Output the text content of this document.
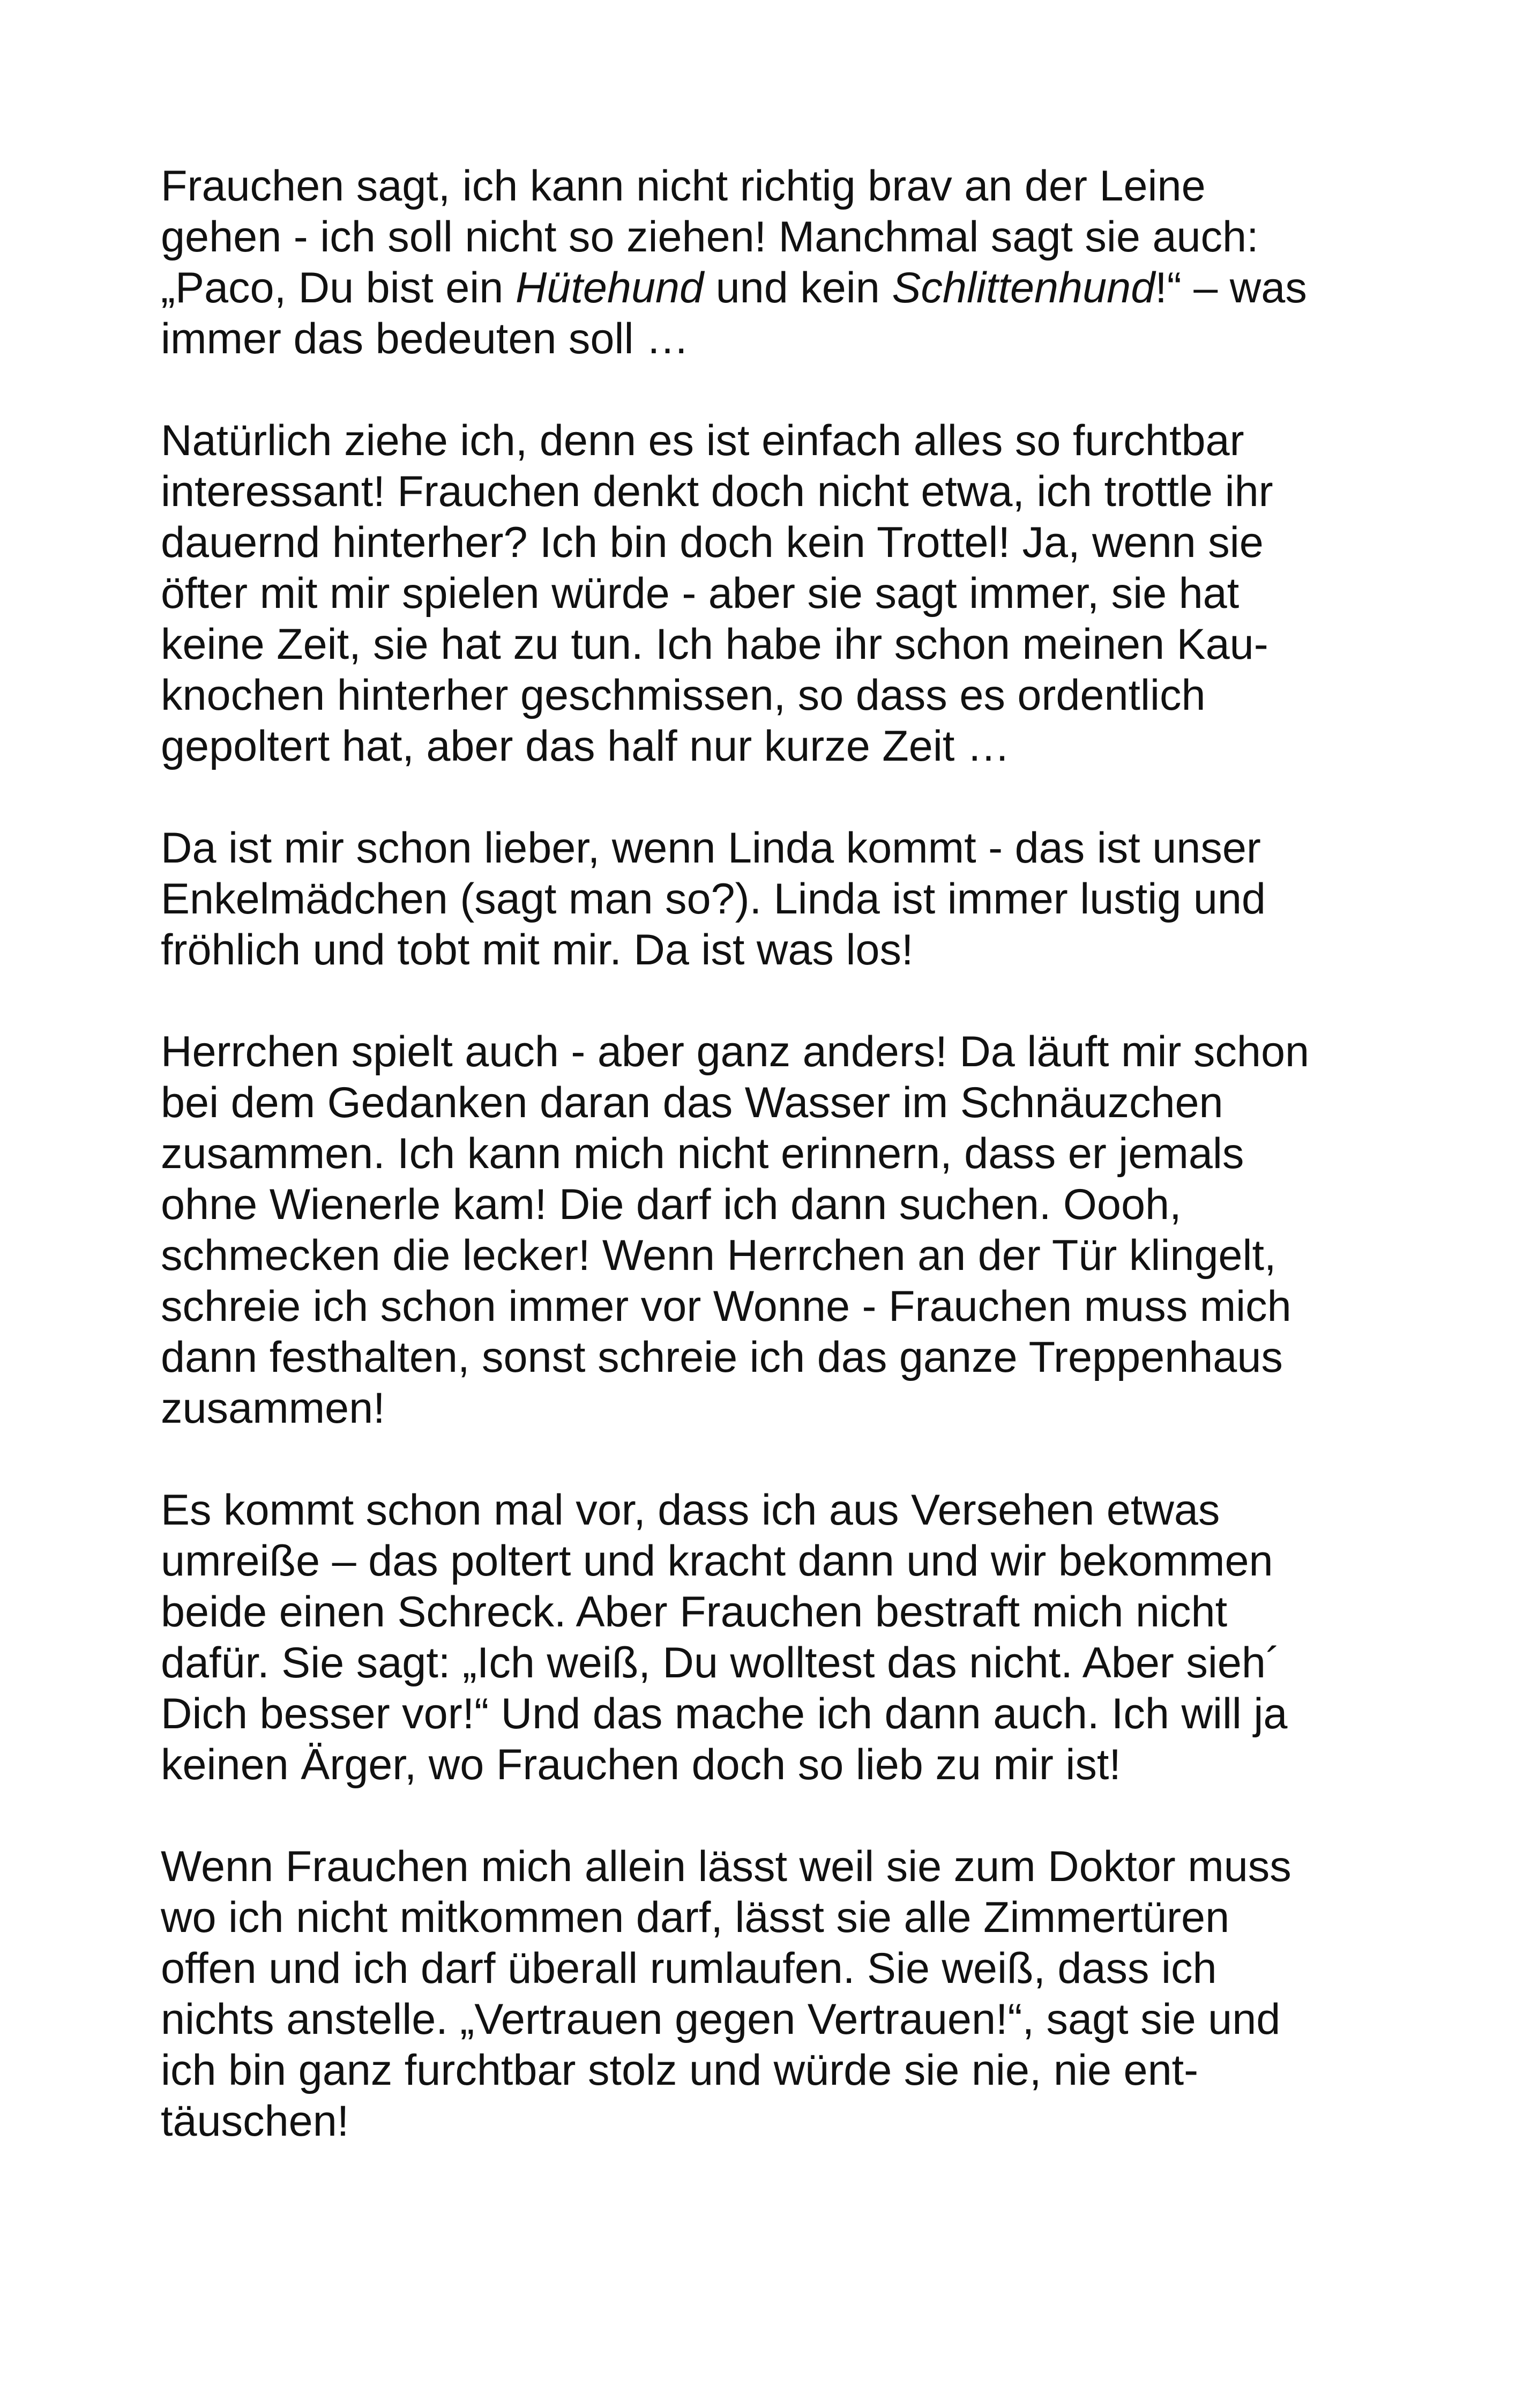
Frauchen sagt, ich kann nicht richtig brav an der Leine
gehen - ich soll nicht so ziehen! Manchmal sagt sie auch:
„Paco, Du bist ein Hütehund und kein Schlittenhund!“ – was
immer das bedeuten soll …

Natürlich ziehe ich, denn es ist einfach alles so furchtbar
interessant! Frauchen denkt doch nicht etwa, ich trottle ihr
dauernd hinterher? Ich bin doch kein Trottel! Ja, wenn sie
öfter mit mir spielen würde - aber sie sagt immer, sie hat
keine Zeit, sie hat zu tun. Ich habe ihr schon meinen Kau-
knochen hinterher geschmissen, so dass es ordentlich
gepoltert hat, aber das half nur kurze Zeit …

Da ist mir schon lieber, wenn Linda kommt - das ist unser
Enkelmädchen (sagt man so?). Linda ist immer lustig und
fröhlich und tobt mit mir. Da ist was los!

Herrchen spielt auch - aber ganz anders! Da läuft mir schon
bei dem Gedanken daran das Wasser im Schnäuzchen
zusammen. Ich kann mich nicht erinnern, dass er jemals
ohne Wienerle kam! Die darf ich dann suchen. Oooh,
schmecken die lecker! Wenn Herrchen an der Tür klingelt,
schreie ich schon immer vor Wonne - Frauchen muss mich
dann festhalten, sonst schreie ich das ganze Treppenhaus
zusammen!

Es kommt schon mal vor, dass ich aus Versehen etwas
umreiße – das poltert und kracht dann und wir bekommen
beide einen Schreck. Aber Frauchen bestraft mich nicht
dafür. Sie sagt: „Ich weiß, Du wolltest das nicht. Aber sieh´
Dich besser vor!“ Und das mache ich dann auch. Ich will ja
keinen Ärger, wo Frauchen doch so lieb zu mir ist!

Wenn Frauchen mich allein lässt weil sie zum Doktor muss
wo ich nicht mitkommen darf, lässt sie alle Zimmertüren
offen und ich darf überall rumlaufen. Sie weiß, dass ich
nichts anstelle. „Vertrauen gegen Vertrauen!“, sagt sie und
ich bin ganz furchtbar stolz und würde sie nie, nie ent-
täuschen!
